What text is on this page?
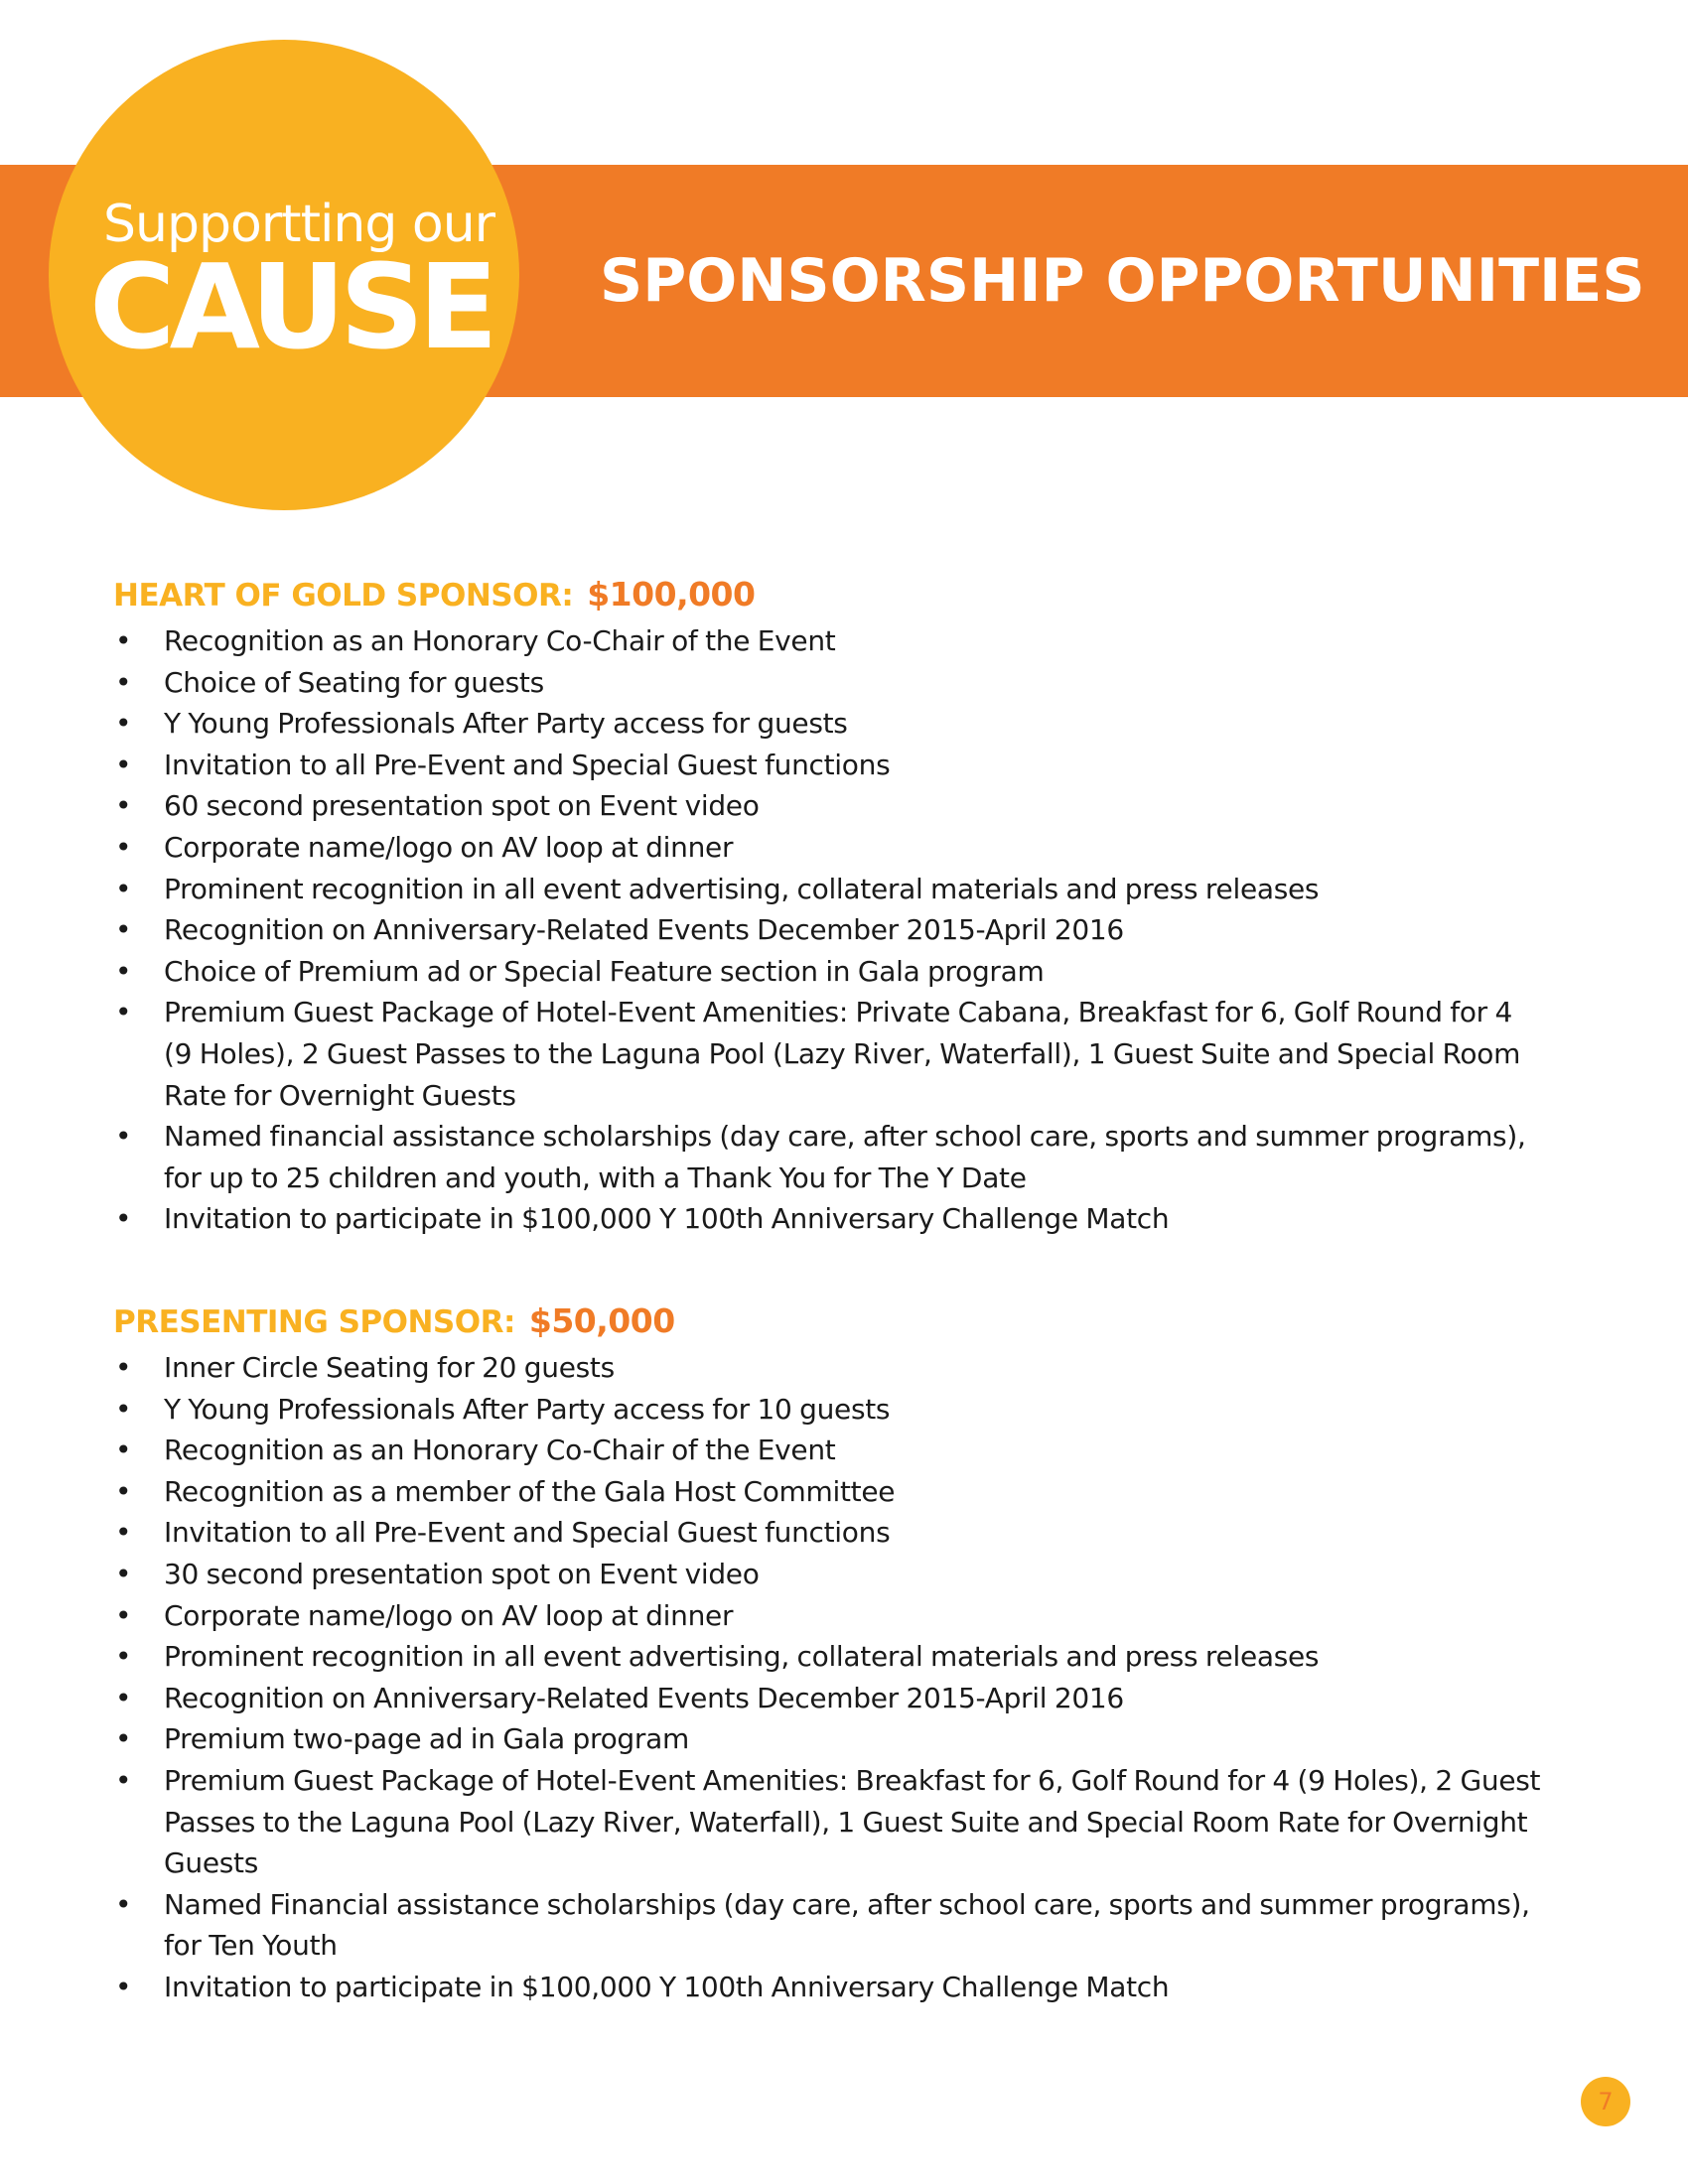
SPONSORSHIP OPPORTUNITIES
Supportting our
CAUSE
HEART OF GOLD SPONSOR: $100,000
• Recognition as an Honorary Co-Chair of the Event
• Choice of Seating for guests
• Y Young Professionals After Party access for guests
• Invitation to all Pre-Event and Special Guest functions
• 60 second presentation spot on Event video
• Corporate name/logo on AV loop at dinner
• Prominent recognition in all event advertising, collateral materials and press releases
• Recognition on Anniversary-Related Events December 2015-April 2016
• Choice of Premium ad or Special Feature section in Gala program
• Premium Guest Package of Hotel-Event Amenities: Private Cabana, Breakfast for 6, Golf Round for 4 (9 Holes), 2 Guest Passes to the Laguna Pool (Lazy River, Waterfall), 1 Guest Suite and Special Room Rate for Overnight Guests
• Named financial assistance scholarships (day care, after school care, sports and summer programs), for up to 25 children and youth, with a Thank You for The Y Date
• Invitation to participate in $100,000 Y 100th Anniversary Challenge Match
PRESENTING SPONSOR: $50,000
• Inner Circle Seating for 20 guests
• Y Young Professionals After Party access for 10 guests
• Recognition as an Honorary Co-Chair of the Event
• Recognition as a member of the Gala Host Committee
• Invitation to all Pre-Event and Special Guest functions
• 30 second presentation spot on Event video
• Corporate name/logo on AV loop at dinner
• Prominent recognition in all event advertising, collateral materials and press releases
• Recognition on Anniversary-Related Events December 2015-April 2016
• Premium two-page ad in Gala program
• Premium Guest Package of Hotel-Event Amenities: Breakfast for 6, Golf Round for 4 (9 Holes), 2 Guest Passes to the Laguna Pool (Lazy River, Waterfall), 1 Guest Suite and Special Room Rate for Overnight Guests
• Named Financial assistance scholarships (day care, after school care, sports and summer programs), for Ten Youth
• Invitation to participate in $100,000 Y 100th Anniversary Challenge Match
7
